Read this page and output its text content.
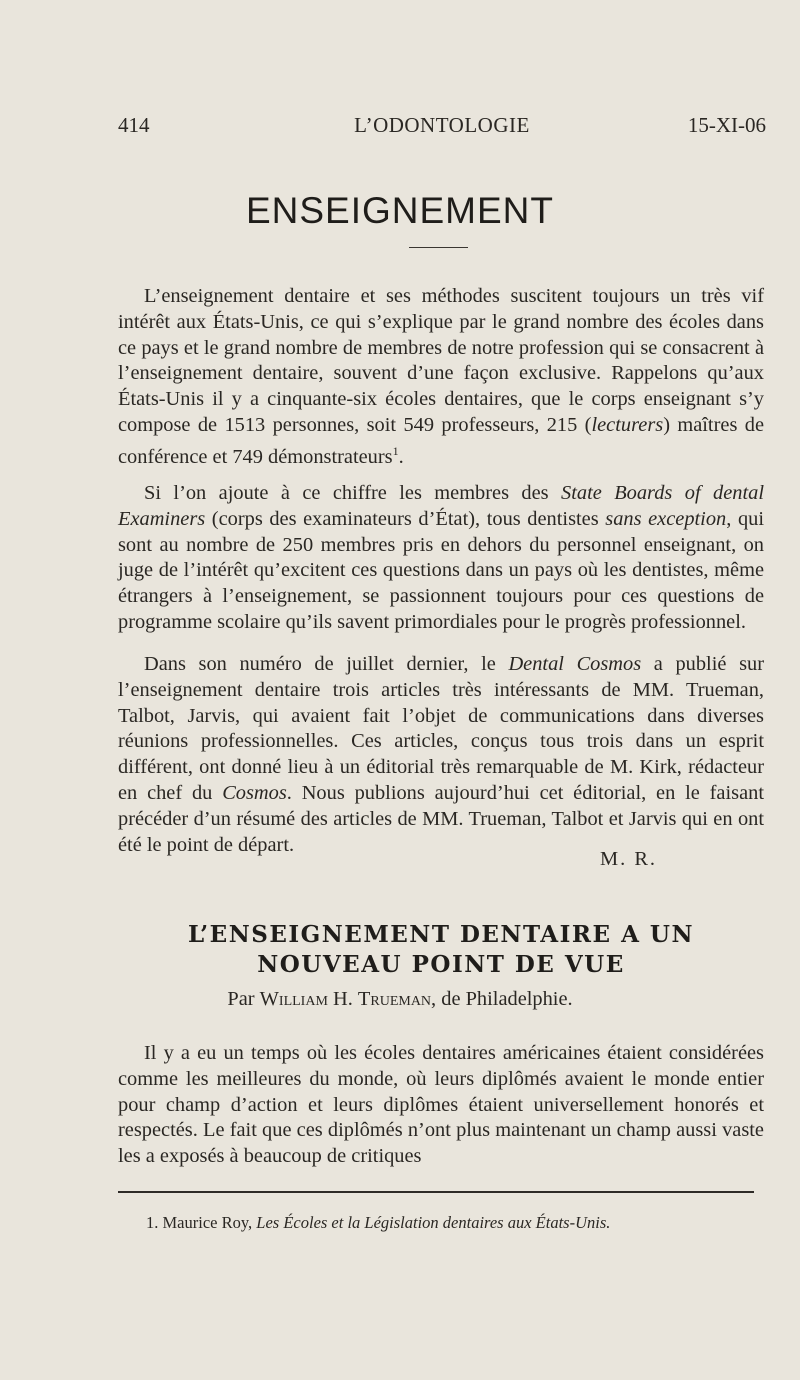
414	L’ODONTOLOGIE	15-XI-06
ENSEIGNEMENT

L’enseignement dentaire et ses méthodes suscitent toujours un très vif intérêt aux États-Unis, ce qui s’explique par le grand nombre des écoles dans ce pays et le grand nombre de membres de notre profession qui se consacrent à l’enseignement dentaire, souvent d’une façon exclusive. Rappelons qu’aux États-Unis il y a cinquante-six écoles dentaires, que le corps enseignant s’y compose de 1513 personnes, soit 549 professeurs, 215 (lecturers) maîtres de conférence et 749 démonstrateurs$^1$.

Si l’on ajoute à ce chiffre les membres des State Boards of dental Examiners (corps des examinateurs d’État), tous dentistes sans exception, qui sont au nombre de 250 membres pris en dehors du personnel enseignant, on juge de l’intérêt qu’excitent ces questions dans un pays où les dentistes, même étrangers à l’enseignement, se passionnent toujours pour ces questions de programme scolaire qu’ils savent primordiales pour le progrès professionnel.

Dans son numéro de juillet dernier, le Dental Cosmos a publié sur l’enseignement dentaire trois articles très intéressants de MM. Trueman, Talbot, Jarvis, qui avaient fait l’objet de communications dans diverses réunions professionnelles. Ces articles, conçus tous trois dans un esprit différent, ont donné lieu à un éditorial très remarquable de M. Kirk, rédacteur en chef du Cosmos. Nous publions aujourd’hui cet éditorial, en le faisant précéder d’un résumé des articles de MM. Trueman, Talbot et Jarvis qui en ont été le point de départ.

M. R.
L’ENSEIGNEMENT DENTAIRE A UN NOUVEAU POINT DE VUE
Par William H. Trueman, de Philadelphie.

Il y a eu un temps où les écoles dentaires américaines étaient considérées comme les meilleures du monde, où leurs diplômés avaient le monde entier pour champ d’action et leurs diplômes étaient universellement honorés et respectés. Le fait que ces diplômés n’ont plus maintenant un champ aussi vaste les a exposés à beaucoup de critiques

1. Maurice Roy, Les Écoles et la Législation dentaires aux États-Unis.
